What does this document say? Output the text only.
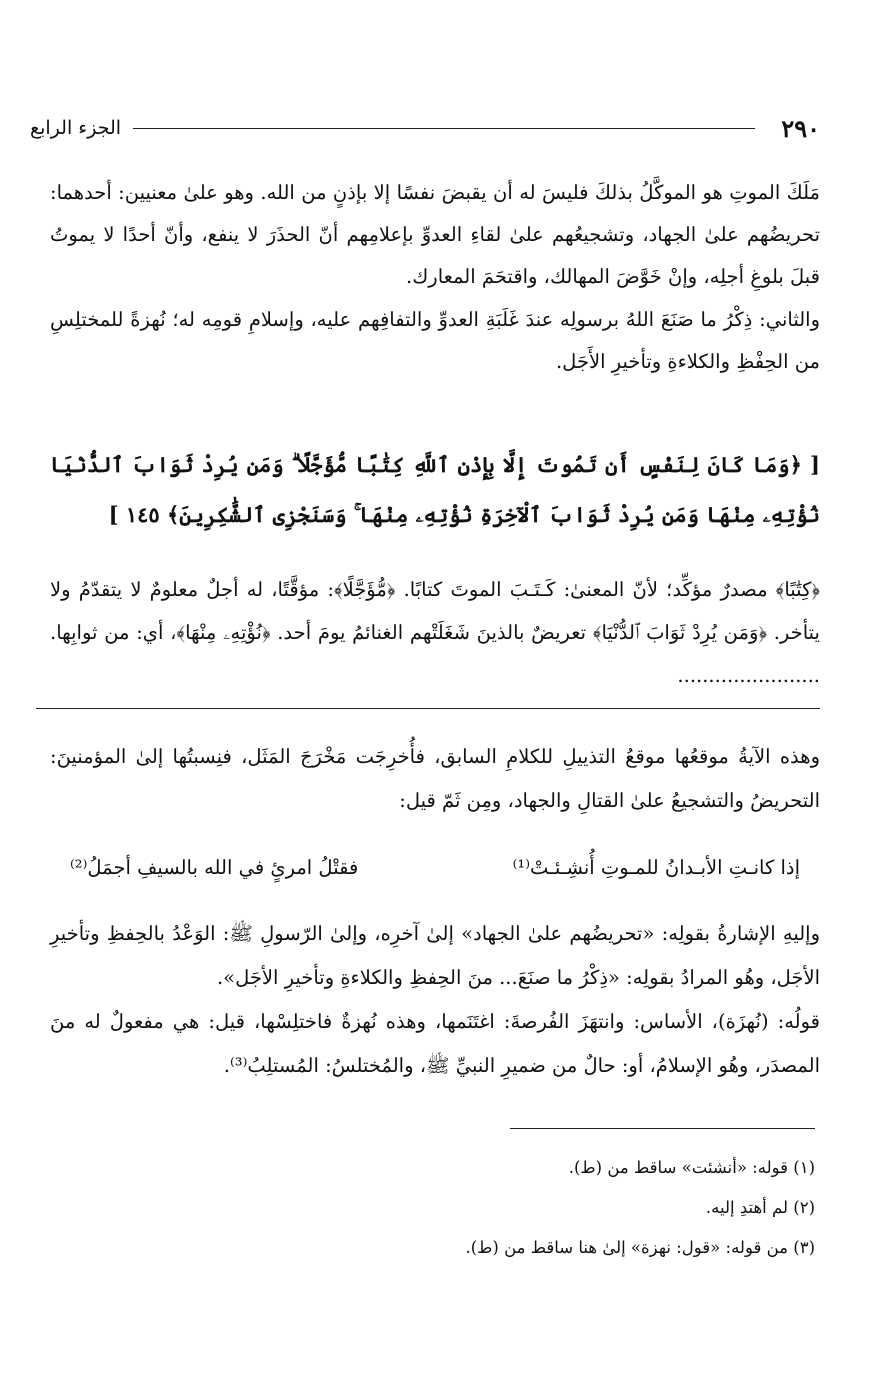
٢٩٠
الجزء الرابع

مَلَكَ الموتِ هو الموكَّلُ بذلكَ فليسَ له أن يقبضَ نفسًا إلا بإذنٍ من الله. وهو علىٰ معنيين: أحدهما: تحريضُهم علىٰ الجهاد، وتشجيعُهم علىٰ لقاءِ العدوِّ بإعلامِهم أنّ الحذَرَ لا ينفع، وأنّ أحدًا لا يموتُ قبلَ بلوغِ أجلِه، وإنْ خَوَّضَ المهالك، واقتحَمَ المعارك.

والثاني: ذِكْرُ ما صَنَعَ اللهُ برسولِه عندَ غَلَبَةِ العدوِّ والتفافِهم عليه، وإسلامِ قومِه له؛ نُهزةً للمختلِسِ من الحِفْظِ والكلاءةِ وتأخيرِ الأَجَل.

[ ﴿وَمَا كَانَ لِنَفْسٍ أَن تَمُوتَ إِلَّا بِإِذْنِ ٱللَّهِ كِتَٰبًا مُّؤَجَّلًا ۗ وَمَن يُرِدْ ثَوَابَ ٱلدُّنْيَا نُؤْتِهِۦ مِنْهَا وَمَن يُرِدْ ثَوَابَ ٱلْآخِرَةِ نُؤْتِهِۦ مِنْهَا ۚ وَسَنَجْزِى ٱلشَّٰكِرِينَ﴾ ١٤٥ ]
﴿كِتَٰبًا﴾ مصدرٌ مؤكِّد؛ لأنّ المعنىٰ: كَـتَـبَ الموتَ كتابًا. ﴿مُّؤَجَّلًا﴾: مؤقَّتًا، له أجلٌ معلومٌ لا يتقدّمُ ولا يتأخر. ﴿وَمَن يُرِدْ ثَوَابَ ٱلدُّنْيَا﴾ تعريضٌ بالذينَ شَغَلَتْهم الغنائمُ يومَ أحد. ﴿نُؤْتِهِۦ مِنْهَا﴾، أي: من ثوابِها. .......................
وهذه الآيةُ موقعُها موقعُ التذييلِ للكلامِ السابق، فأُخرِجَت مَخْرَجَ المَثَل، فنِسبتُها إلىٰ المؤمنينَ: التحريضُ والتشجيعُ علىٰ القتالِ والجهاد، ومِن ثَمّ قيل:
إذا كانـتِ الأبـدانُ للمـوتِ أُنشِـئـتْ⁽¹⁾
فقتْلُ امرئٍ في الله بالسيفِ أجمَلُ⁽²⁾
وإليهِ الإشارةُ بقولِه: «تحريضُهم علىٰ الجهاد» إلىٰ آخرِه، وإلىٰ الرّسولِ ﷺ: الوَعْدُ بالحِفظِ وتأخيرِ الأجَل، وهُو المرادُ بقولِه: «ذِكْرُ ما صنَعَ... منَ الحِفظِ والكلاءةِ وتأخيرِ الأجَل».
قولُه: (نُهزَة)، الأساس: وانتهَزَ الفُرصةَ: اغتَنَمها، وهذه نُهزةٌ فاختلِسْها، قيل: هي مفعولٌ له منَ المصدَر، وهُو الإسلامُ، أو: حالٌ من ضميرِ النبيِّ ﷺ، والمُختلسُ: المُستلِبُ⁽³⁾.
(١) قوله: «أنشئت» ساقط من (ط).
(٢) لم أهتدِ إليه.
(٣) من قوله: «قول: نهزة» إلىٰ هنا ساقط من (ط).
